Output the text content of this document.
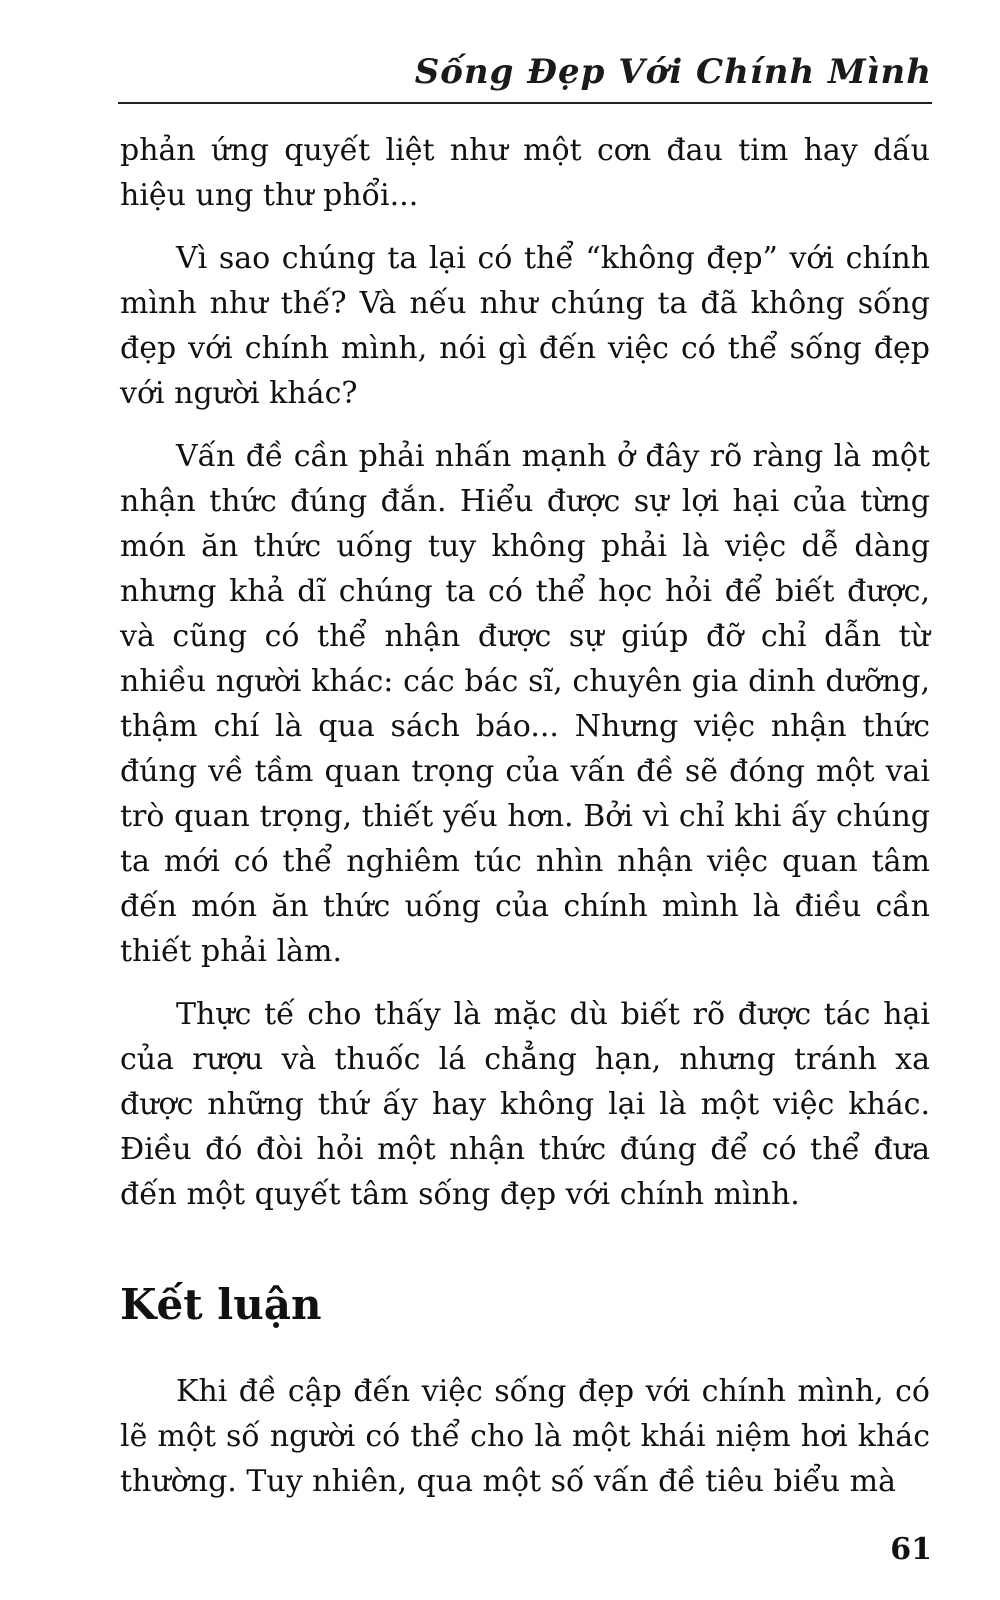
Sống Đẹp Với Chính Mình

phản ứng quyết liệt như một cơn đau tim hay dấu hiệu ung thư phổi...

Vì sao chúng ta lại có thể “không đẹp” với chính mình như thế? Và nếu như chúng ta đã không sống đẹp với chính mình, nói gì đến việc có thể sống đẹp với người khác?

Vấn đề cần phải nhấn mạnh ở đây rõ ràng là một nhận thức đúng đắn. Hiểu được sự lợi hại của từng món ăn thức uống tuy không phải là việc dễ dàng nhưng khả dĩ chúng ta có thể học hỏi để biết được, và cũng có thể nhận được sự giúp đỡ chỉ dẫn từ nhiều người khác: các bác sĩ, chuyên gia dinh dưỡng, thậm chí là qua sách báo... Nhưng việc nhận thức đúng về tầm quan trọng của vấn đề sẽ đóng một vai trò quan trọng, thiết yếu hơn. Bởi vì chỉ khi ấy chúng ta mới có thể nghiêm túc nhìn nhận việc quan tâm đến món ăn thức uống của chính mình là điều cần thiết phải làm.

Thực tế cho thấy là mặc dù biết rõ được tác hại của rượu và thuốc lá chẳng hạn, nhưng tránh xa được những thứ ấy hay không lại là một việc khác. Điều đó đòi hỏi một nhận thức đúng để có thể đưa đến một quyết tâm sống đẹp với chính mình.

Kết luận

Khi đề cập đến việc sống đẹp với chính mình, có lẽ một số người có thể cho là một khái niệm hơi khác thường. Tuy nhiên, qua một số vấn đề tiêu biểu mà

61
